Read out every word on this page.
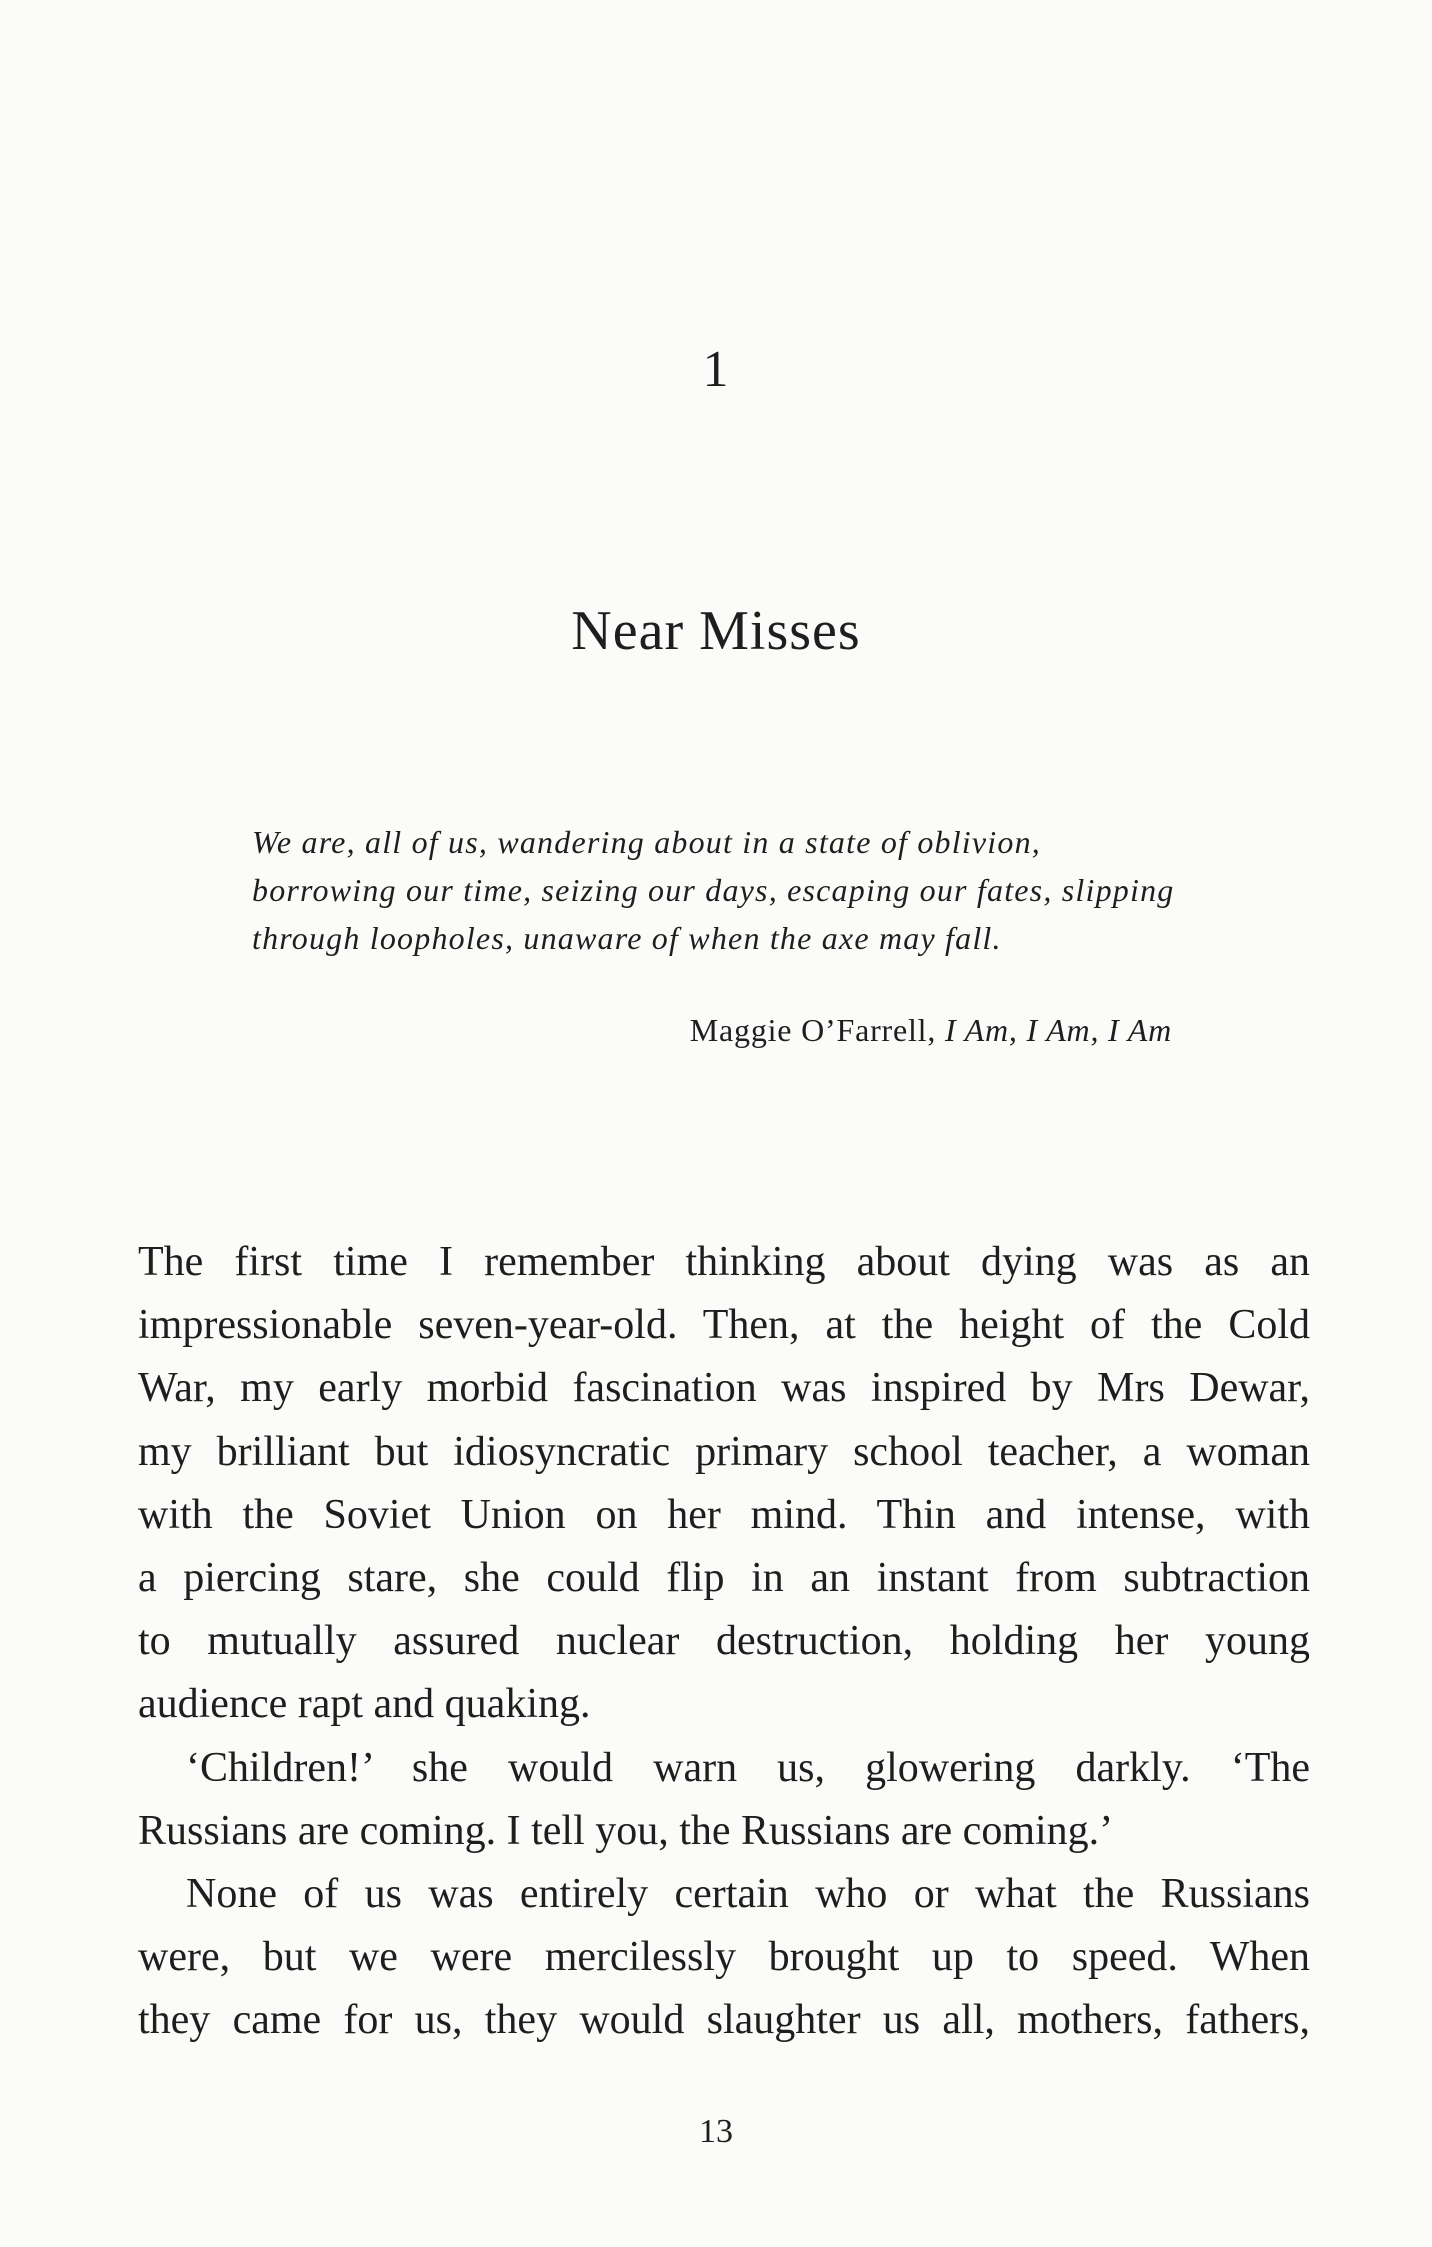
1
Near Misses
We are, all of us, wandering about in a state of oblivion,
borrowing our time, seizing our days, escaping our fates, slipping
through loopholes, unaware of when the axe may fall.
Maggie O’Farrell, I Am, I Am, I Am
The first time I remember thinking about dying was as an
impressionable seven-year-old. Then, at the height of the Cold
War, my early morbid fascination was inspired by Mrs Dewar,
my brilliant but idiosyncratic primary school teacher, a woman
with the Soviet Union on her mind. Thin and intense, with
a piercing stare, she could flip in an instant from subtraction
to mutually assured nuclear destruction, holding her young
audience rapt and quaking.
‘Children!’ she would warn us, glowering darkly. ‘The
Russians are coming. I tell you, the Russians are coming.’
None of us was entirely certain who or what the Russians
were, but we were mercilessly brought up to speed. When
they came for us, they would slaughter us all, mothers, fathers,
13
